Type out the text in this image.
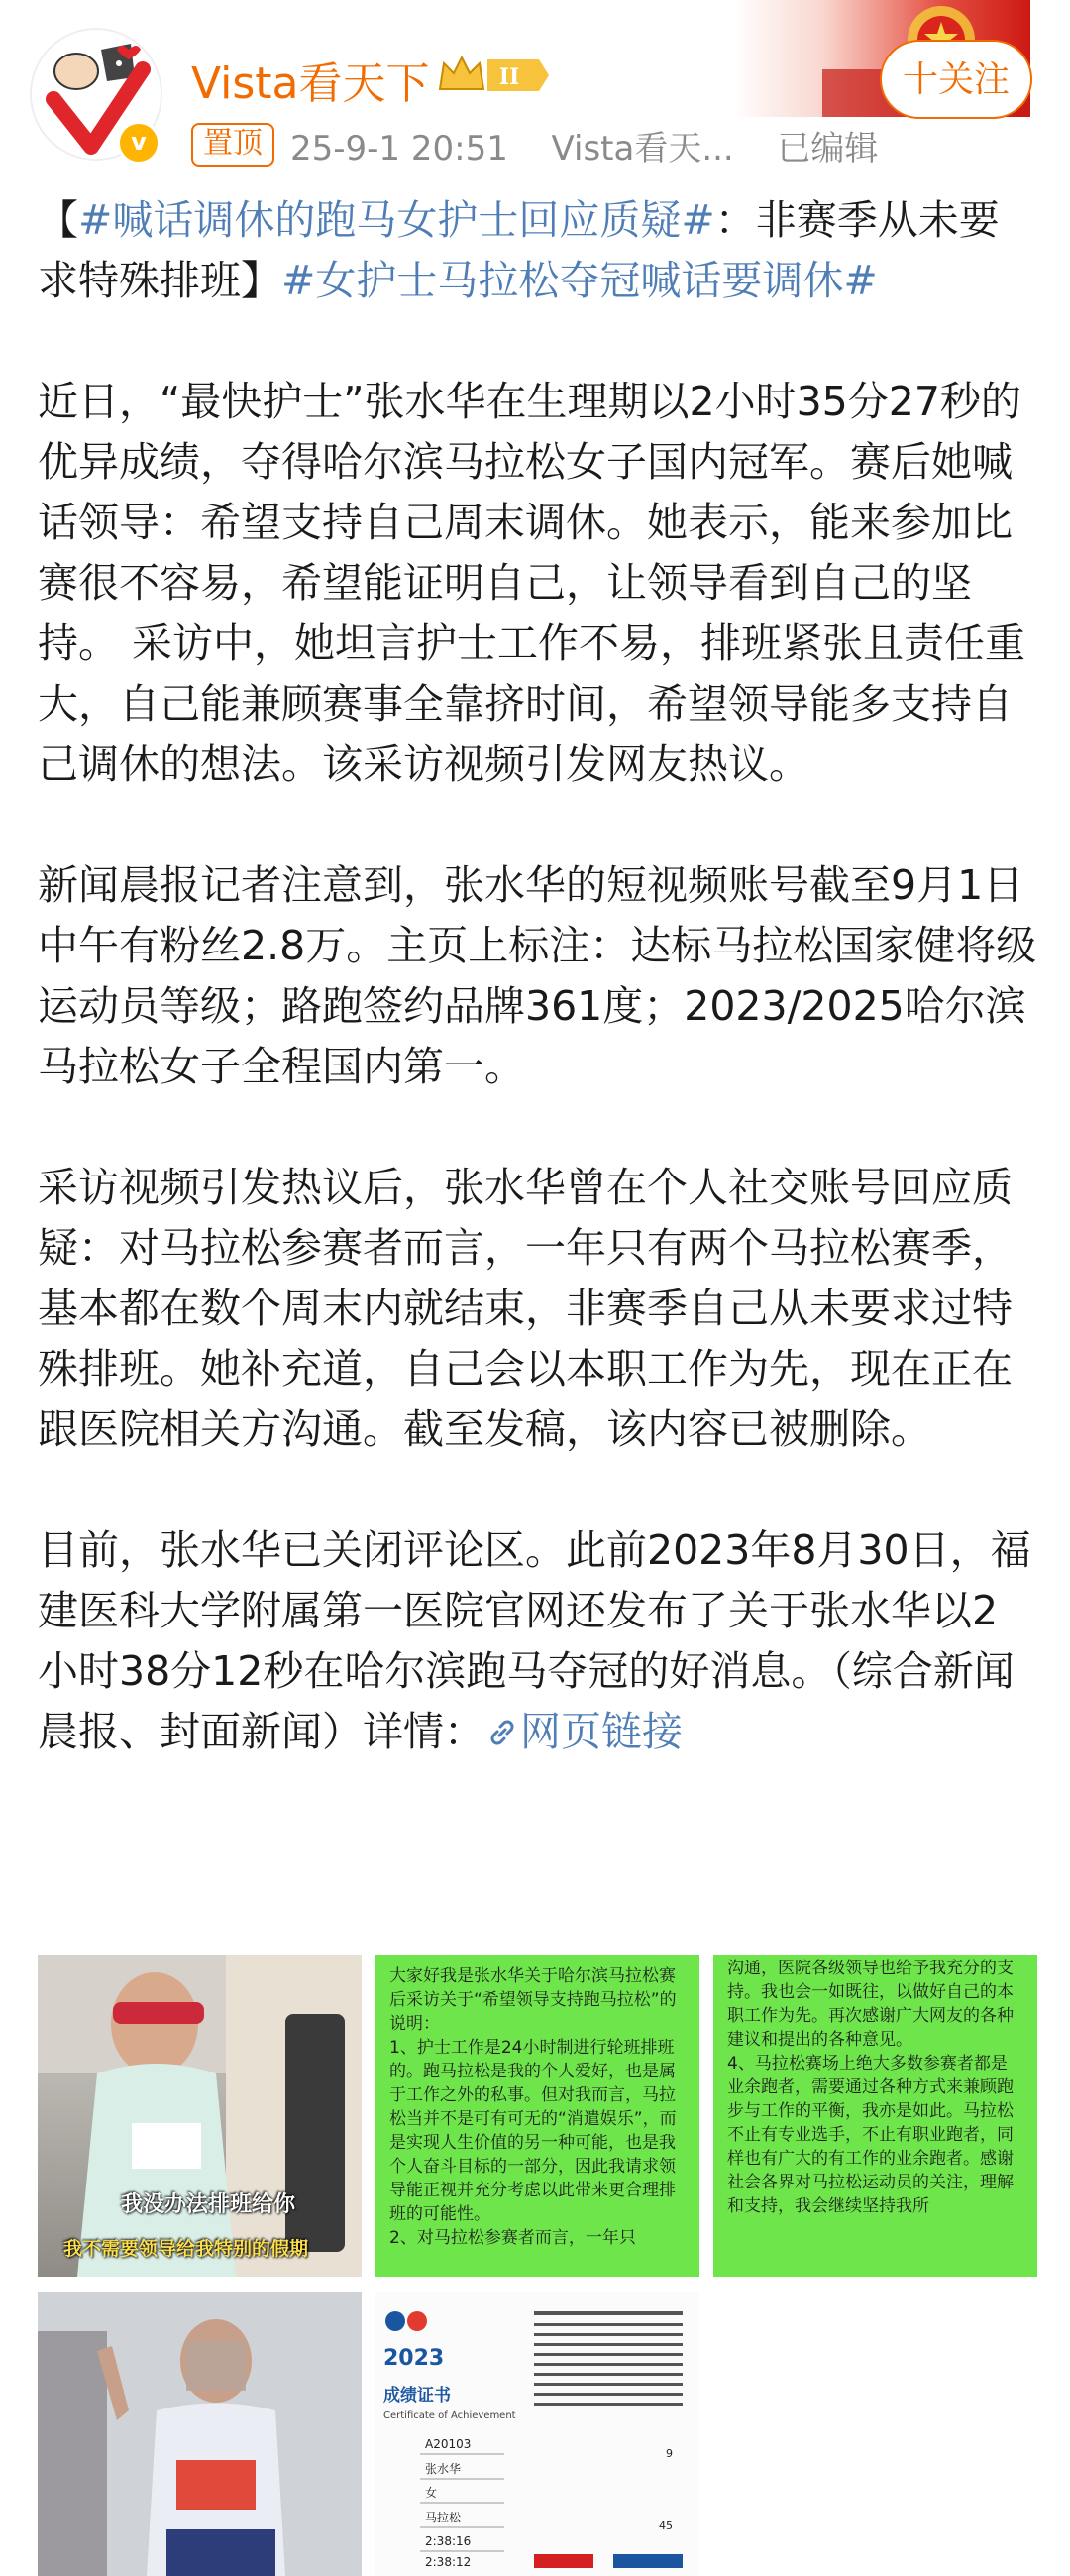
v
Vista看天下	II
置顶 25-9-1 20:51 Vista看天... 已编辑
十关注

【#喊话调休的跑马女护士回应质疑#：非赛季从未要求特殊排班】#女护士马拉松夺冠喊话要调休#

近日，“最快护士”张水华在生理期以2小时35分27秒的优异成绩，夺得哈尔滨马拉松女子国内冠军。赛后她喊话领导：希望支持自己周末调休。她表示，能来参加比赛很不容易，希望能证明自己，让领导看到自己的坚持。 采访中，她坦言护士工作不易，排班紧张且责任重大，自己能兼顾赛事全靠挤时间，希望领导能多支持自己调休的想法。该采访视频引发网友热议。

新闻晨报记者注意到，张水华的短视频账号截至9月1日中午有粉丝2.8万。主页上标注：达标马拉松国家健将级运动员等级；路跑签约品牌361度；2023/2025哈尔滨马拉松女子全程国内第一。

采访视频引发热议后，张水华曾在个人社交账号回应质疑：对马拉松参赛者而言，一年只有两个马拉松赛季，基本都在数个周末内就结束，非赛季自己从未要求过特殊排班。她补充道，自己会以本职工作为先，现在正在跟医院相关方沟通。截至发稿，该内容已被删除。

目前，张水华已关闭评论区。此前2023年8月30日，福建医科大学附属第一医院官网还发布了关于张水华以2小时38分12秒在哈尔滨跑马夺冠的好消息。（综合新闻晨报、封面新闻）详情： 网页链接

我没办法排班给你
我不需要领导给我特别的假期
大家好我是张水华关于哈尔滨马拉松赛后采访关于“希望领导支持跑马拉松”的说明：
1、护士工作是24小时制进行轮班排班的。跑马拉松是我的个人爱好，也是属于工作之外的私事。但对我而言，马拉松当并不是可有可无的“消遣娱乐”，而是实现人生价值的另一种可能，也是我个人奋斗目标的一部分，因此我请求领导能正视并充分考虑以此带来更合理排班的可能性。
2、对马拉松参赛者而言，一年只
沟通，医院各级领导也给予我充分的支持。我也会一如既往，以做好自己的本职工作为先。再次感谢广大网友的各种建议和提出的各种意见。
4、马拉松赛场上绝大多数参赛者都是业余跑者，需要通过各种方式来兼顾跑步与工作的平衡，我亦是如此。马拉松不止有专业选手，不止有职业跑者，同样也有广大的有工作的业余跑者。感谢社会各界对马拉松运动员的关注，理解和支持，我会继续坚持我所
2023
成绩证书
Certificate of Achievement
A20103
张水华
女
马拉松
2:38:16
2:38:12
9
45
